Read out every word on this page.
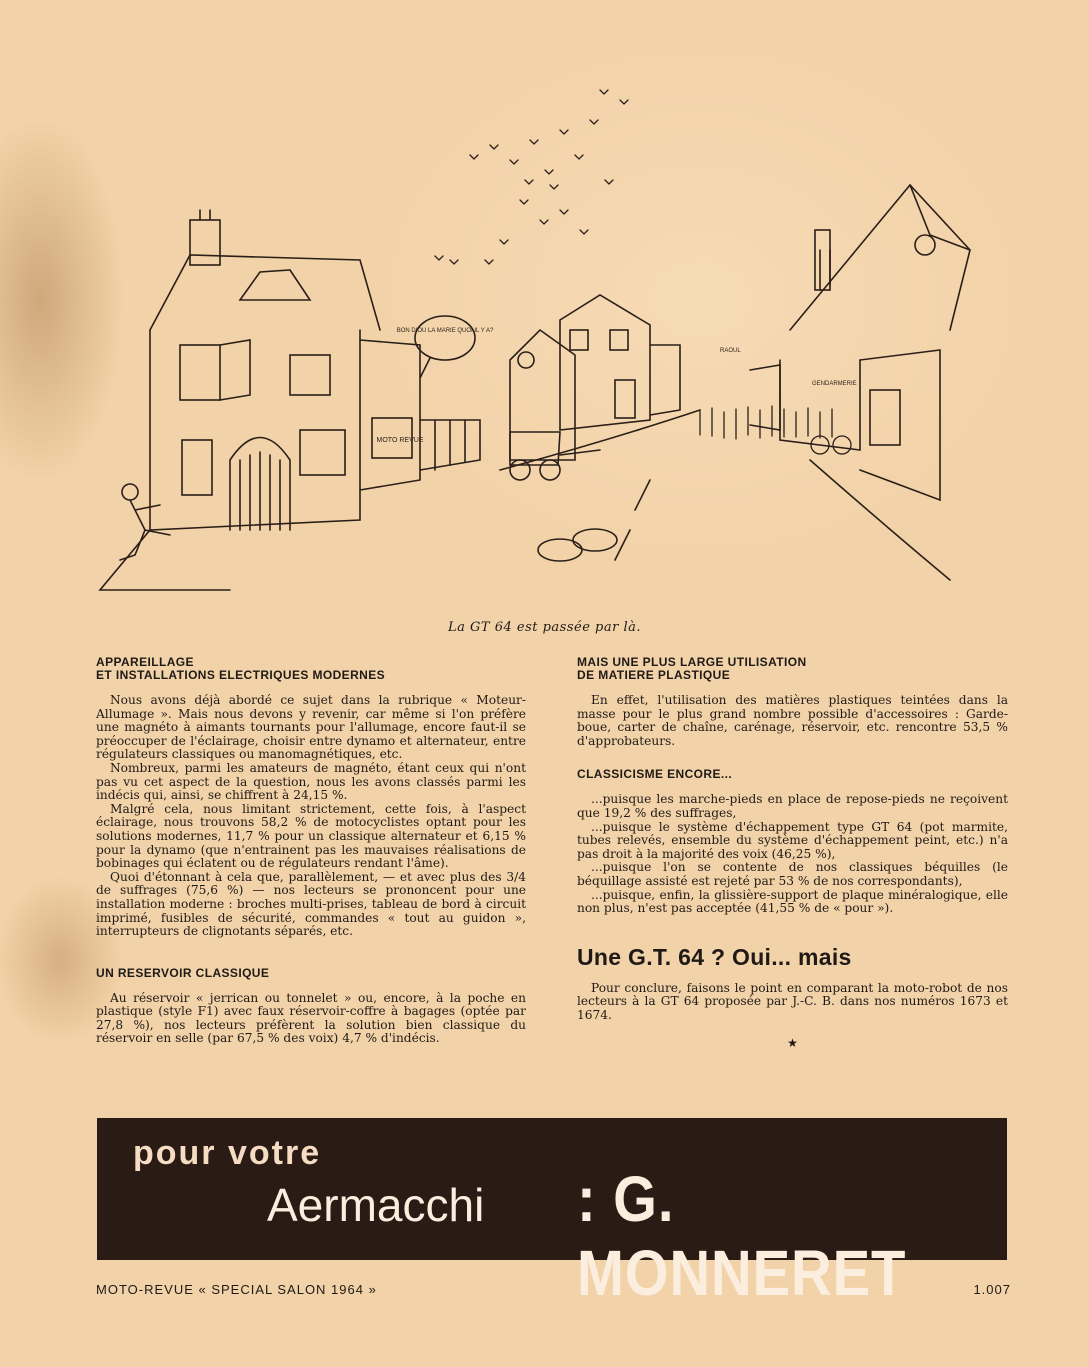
BON DIOU LA MARIE QUOI IL Y A?
MOTO REVUE
RAOUL
GENDARMERIE
La GT 64 est passée par là.

APPAREILLAGE

ET INSTALLATIONS ELECTRIQUES MODERNES

Nous avons déjà abordé ce sujet dans la rubrique « Moteur-Allumage ». Mais nous devons y revenir, car même si l'on préfère une magnéto à aimants tournants pour l'allumage, encore faut-il se préoccuper de l'éclairage, choisir entre dynamo et alternateur, entre régulateurs classiques ou manomagnétiques, etc.

Nombreux, parmi les amateurs de magnéto, étant ceux qui n'ont pas vu cet aspect de la question, nous les avons classés parmi les indécis qui, ainsi, se chiffrent à 24,15 %.

Malgré cela, nous limitant strictement, cette fois, à l'aspect éclairage, nous trouvons 58,2 % de motocyclistes optant pour les solutions modernes, 11,7 % pour un classique alternateur et 6,15 % pour la dynamo (que n'entrainent pas les mauvaises réalisations de bobinages qui éclatent ou de régulateurs rendant l'âme).

Quoi d'étonnant à cela que, parallèlement, — et avec plus des 3/4 de suffrages (75,6 %) — nos lecteurs se prononcent pour une installation moderne : broches multi-prises, tableau de bord à circuit imprimé, fusibles de sécurité, commandes « tout au guidon », interrupteurs de clignotants séparés, etc.

UN RESERVOIR CLASSIQUE

Au réservoir « jerrican ou tonnelet » ou, encore, à la poche en plastique (style F1) avec faux réservoir-coffre à bagages (optée par 27,8 %), nos lecteurs préfèrent la solution bien classique du réservoir en selle (par 67,5 % des voix) 4,7 % d'indécis.

MAIS UNE PLUS LARGE UTILISATION

DE MATIERE PLASTIQUE

En effet, l'utilisation des matières plastiques teintées dans la masse pour le plus grand nombre possible d'accessoires : Garde-boue, carter de chaîne, carénage, réservoir, etc. rencontre 53,5 % d'approbateurs.

CLASSICISME ENCORE...

...puisque les marche-pieds en place de repose-pieds ne reçoivent que 19,2 % des suffrages,

...puisque le système d'échappement type GT 64 (pot marmite, tubes relevés, ensemble du système d'échappement peint, etc.) n'a pas droit à la majorité des voix (46,25 %),

...puisque l'on se contente de nos classiques béquilles (le béquillage assisté est rejeté par 53 % de nos correspondants),

...puisque, enfin, la glissière-support de plaque minéralogique, elle non plus, n'est pas acceptée (41,55 % de « pour »).

Une G.T. 64 ? Oui... mais

Pour conclure, faisons le point en comparant la moto-robot de nos lecteurs à la GT 64 proposée par J.-C. B. dans nos numéros 1673 et 1674.

★
pour votre
Aermacchi : G. MONNERET
MOTO-REVUE « SPECIAL SALON 1964 »	1.007
